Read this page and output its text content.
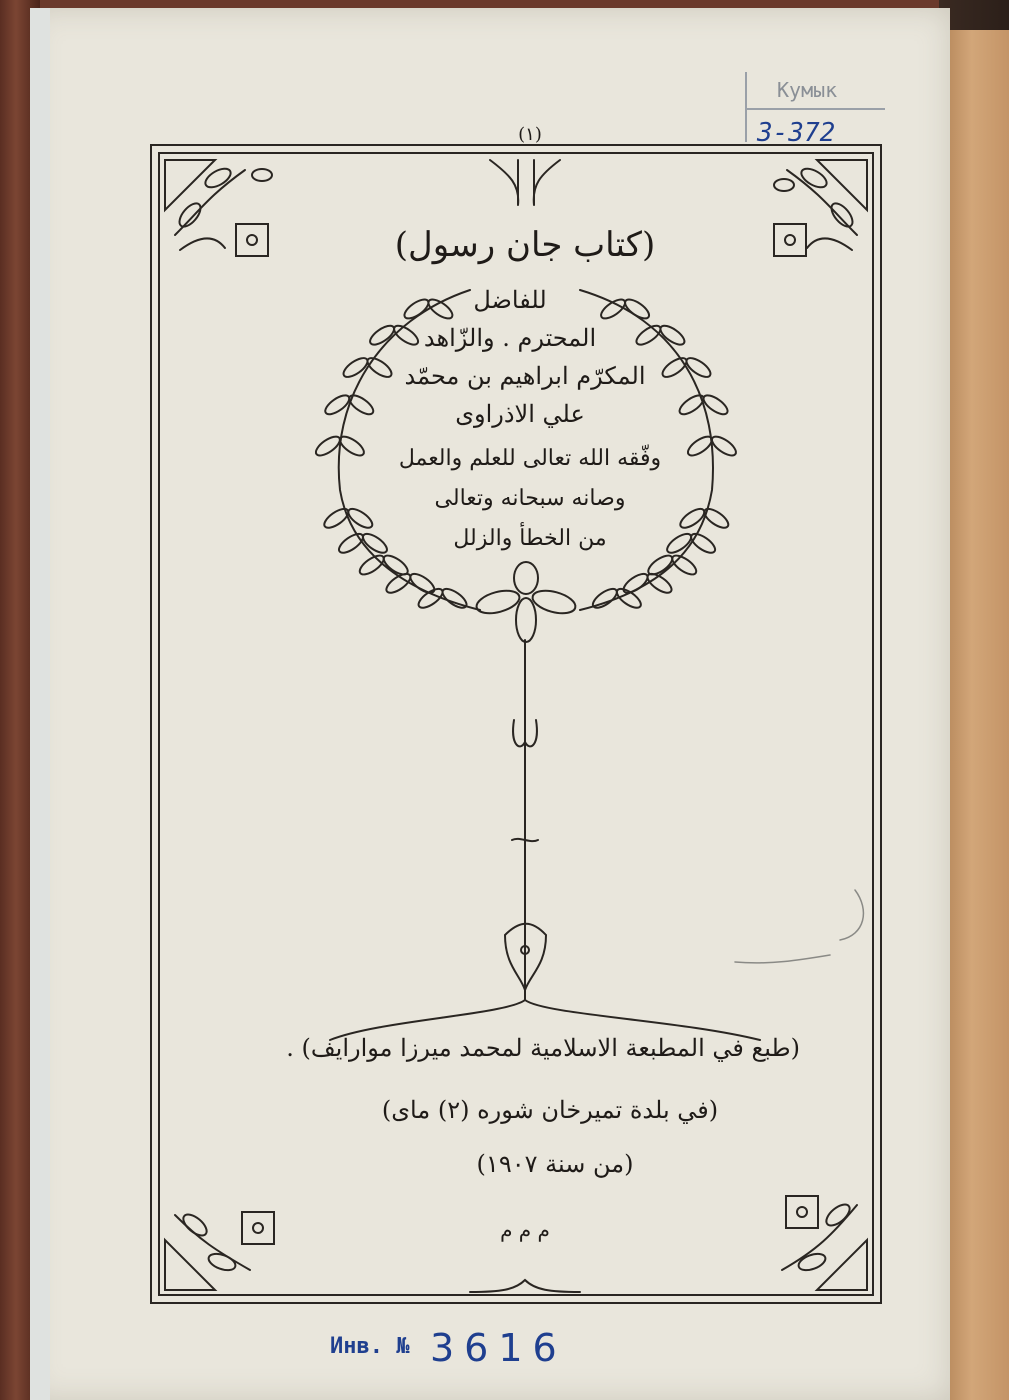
Кумык
3-372
(١)
(كتاب جان رسول)
للفاضل
المحترم . والزّاهد
المكرّم ابراهيم بن محمّد
علي الاذراوی
وفّقه الله تعالی للعلم والعمل
وصانه سبحانه وتعالی
من الخطأ والزلل
(طبع في المطبعة الاسلامية لمحمد ميرزا موارايف) .
(في بلدة تميرخان شوره (٢) ماى)
(من سنة ١٩٠٧)
م م م
Инв. № 3616
